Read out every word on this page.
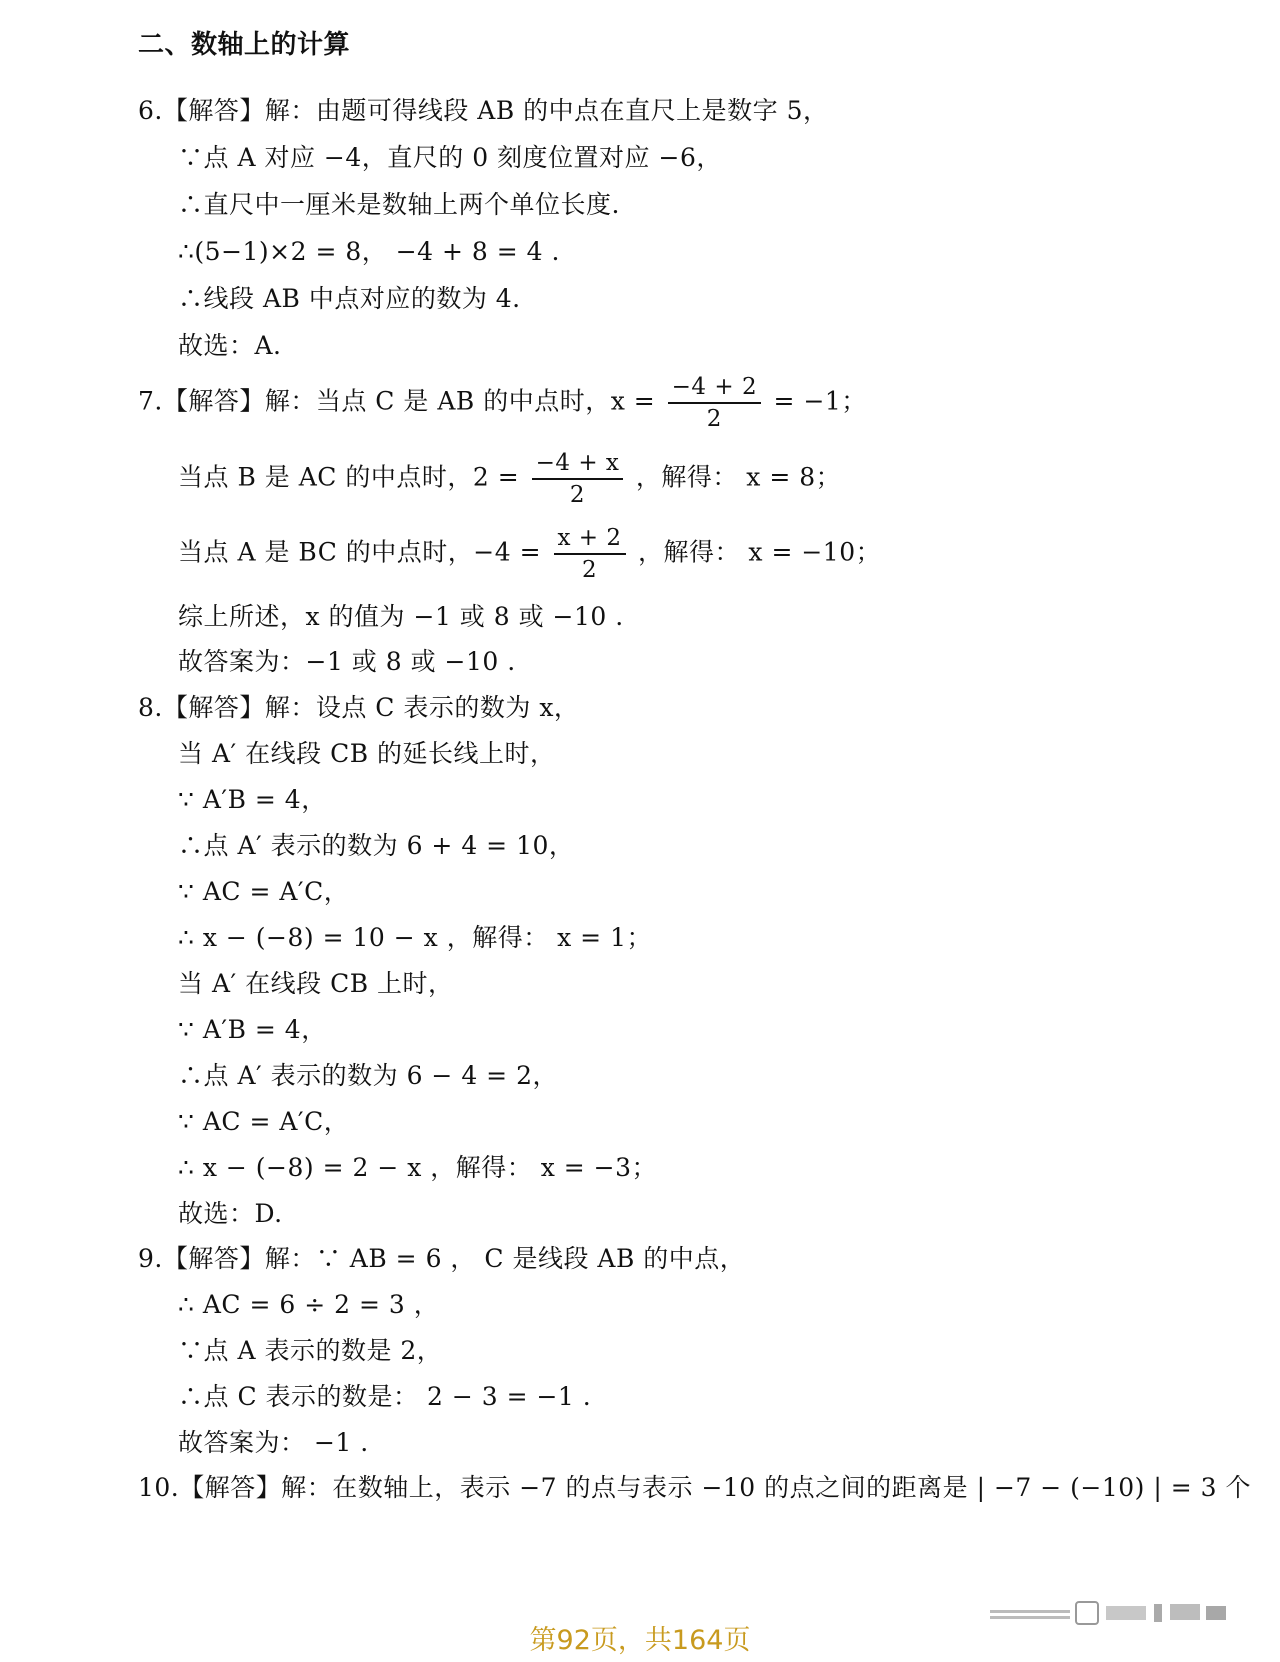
二、数轴上的计算
6.【解答】解：由题可得线段 AB 的中点在直尺上是数字 5，
∵点 A 对应 −4，直尺的 0 刻度位置对应 −6，
∴直尺中一厘米是数轴上两个单位长度.
∴(5−1)×2 = 8， −4 + 8 = 4 .
∴线段 AB 中点对应的数为 4.
故选：A.
7.【解答】解：当点 C 是 AB 的中点时，$x = \frac{-4 + 2}{2} = -1$；
当点 B 是 AC 的中点时，$2 = \frac{-4 + x}{2}$ ，解得： x = 8；
当点 A 是 BC 的中点时，$-4 = \frac{x + 2}{2}$ ，解得： x = −10；
综上所述，x 的值为 −1 或 8 或 −10 .
故答案为：−1 或 8 或 −10 .
8.【解答】解：设点 C 表示的数为 x，
当 A′ 在线段 CB 的延长线上时，
∵ A′B = 4，
∴点 A′ 表示的数为 6 + 4 = 10，
∵ AC = A′C，
∴ x − (−8) = 10 − x ，解得： x = 1；
当 A′ 在线段 CB 上时，
∵ A′B = 4，
∴点 A′ 表示的数为 6 − 4 = 2，
∵ AC = A′C，
∴ x − (−8) = 2 − x ，解得： x = −3；
故选：D.
9.【解答】解：∵ AB = 6 ， C 是线段 AB 的中点，
∴ AC = 6 ÷ 2 = 3 ，
∵点 A 表示的数是 2，
∴点 C 表示的数是： 2 − 3 = −1 .
故答案为： −1 .
10.【解答】解：在数轴上，表示 −7 的点与表示 −10 的点之间的距离是 | −7 − (−10) | = 3 个
第92页，共164页
